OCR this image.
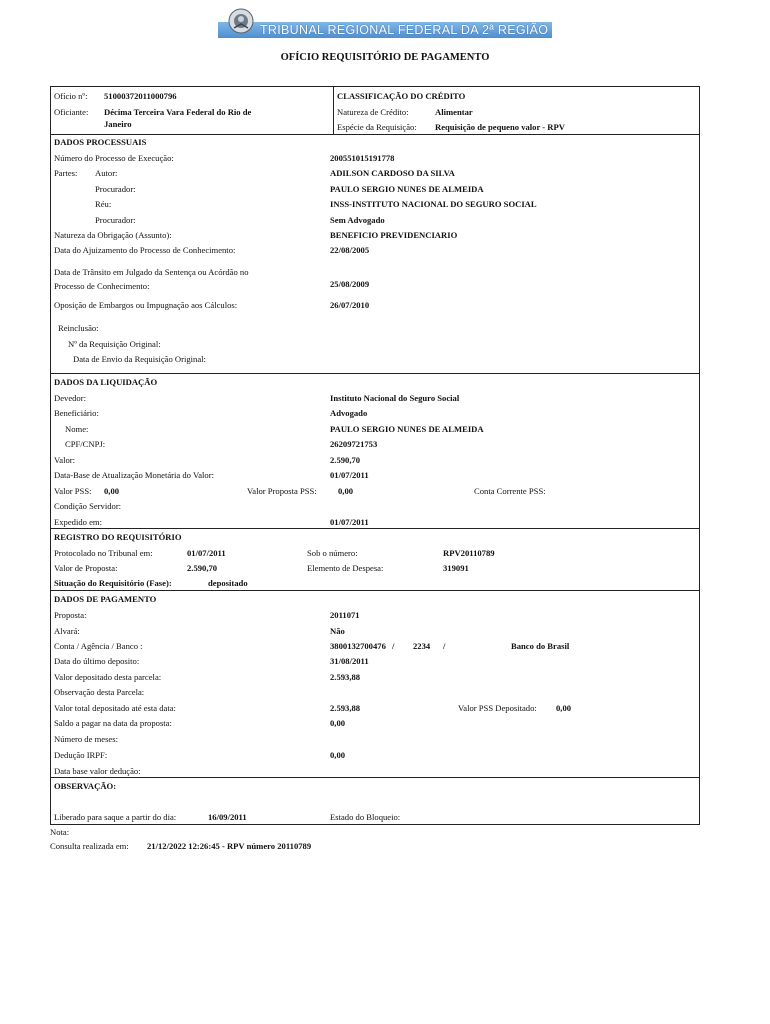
TRIBUNAL REGIONAL FEDERAL DA 2ª REGIÃO
OFÍCIO REQUISITÓRIO DE PAGAMENTO
Ofício nº: 51000372011000796
Oficiante: Décima Terceira Vara Federal do Rio de
Janeiro
CLASSIFICAÇÃO DO CRÉDITO
Natureza de Crédito:	Alimentar
Espécie da Requisição: Requisição de pequeno valor - RPV
DADOS PROCESSUAIS
Número do Processo de Execução:	200551015191778
Partes: Autor:	ADILSON CARDOSO DA SILVA
Procurador:	PAULO SERGIO NUNES DE ALMEIDA
Réu:	INSS-INSTITUTO NACIONAL DO SEGURO SOCIAL
Procurador:	Sem Advogado
Natureza da Obrigação (Assunto):	BENEFICIO PREVIDENCIARIO
Data do Ajuizamento do Processo de Conhecimento:	22/08/2005
Data de Trânsito em Julgado da Sentença ou Acórdão no
Processo de Conhecimento:	25/08/2009
Oposição de Embargos ou Impugnação aos Cálculos:	26/07/2010
Reinclusão:
Nº da Requisição Original:
Data de Envio da Requisição Original:
DADOS DA LIQUIDAÇÃO
Devedor:	Instituto Nacional do Seguro Social
Beneficiário:	Advogado
Nome:	PAULO SERGIO NUNES DE ALMEIDA
CPF/CNPJ:	26209721753
Valor:	2.590,70
Data-Base de Atualização Monetária do Valor:	01/07/2011
Valor PSS: 0,00	Valor Proposta PSS: 0,00	Conta Corrente PSS:
Condição Servidor:
Expedido em:	01/07/2011
REGISTRO DO REQUISITÓRIO
Protocolado no Tribunal em:	01/07/2011	Sob o número:	RPV20110789
Valor de Proposta:	2.590,70	Elemento de Despesa:	319091
Situação do Requisitório (Fase):	depositado
DADOS DE PAGAMENTO
Proposta:	2011071
Alvará:	Não
Conta / Agência / Banco :	3800132700476 / 2234 /	Banco do Brasil
Data do último deposito:	31/08/2011
Valor depositado desta parcela:	2.593,88
Observação desta Parcela:
Valor total depositado até esta data:	2.593,88	Valor PSS Depositado: 0,00
Saldo a pagar na data da proposta:	0,00
Número de meses:
Dedução IRPF:	0,00
Data base valor dedução:
OBSERVAÇÃO:
Liberado para saque a partir do dia:	16/09/2011	Estado do Bloqueio:
Nota:
Consulta realizada em: 21/12/2022 12:26:45 - RPV número 20110789
